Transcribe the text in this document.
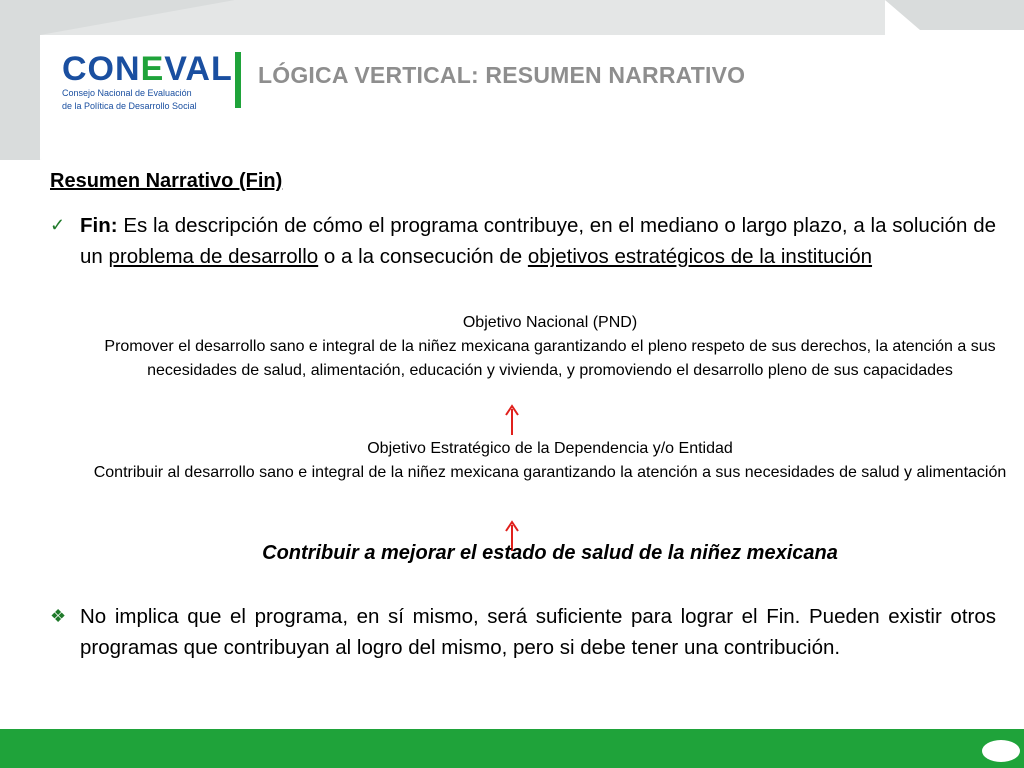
CONEVAL
Consejo Nacional de Evaluación
de la Política de Desarrollo Social
LÓGICA VERTICAL: RESUMEN NARRATIVO
Resumen Narrativo (Fin)
✓ Fin: Es la descripción de cómo el programa contribuye, en el mediano o largo plazo, a la solución de un problema de desarrollo o a la consecución de objetivos estratégicos de la institución
Objetivo Nacional (PND)
Promover el desarrollo sano e integral de la niñez mexicana garantizando el pleno respeto de sus derechos, la atención a sus necesidades de salud, alimentación, educación y vivienda, y promoviendo el desarrollo pleno de sus capacidades
Objetivo Estratégico de la Dependencia y/o Entidad
Contribuir al desarrollo sano e integral de la niñez mexicana garantizando la atención a sus necesidades de salud y alimentación
Contribuir a mejorar el estado de salud de la niñez mexicana
❖ No implica que el programa, en sí mismo, será suficiente para lograr el Fin. Pueden existir otros programas que contribuyan al logro del mismo, pero si debe tener una contribución.
